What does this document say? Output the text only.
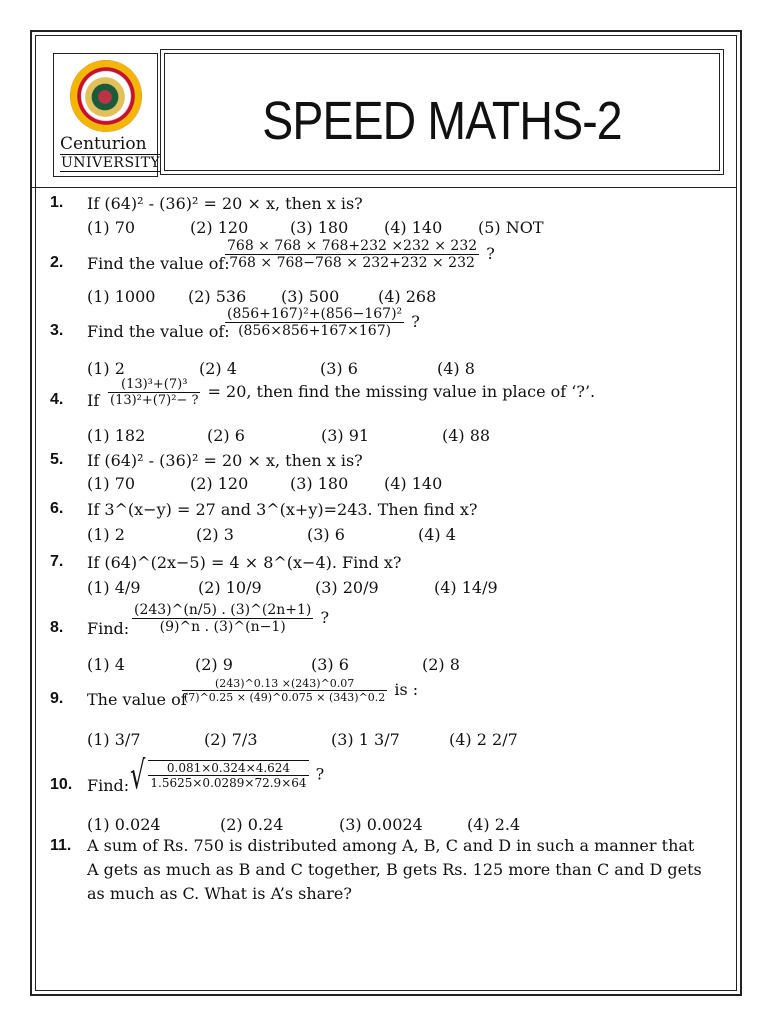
Centurion
UNIVERSITY
SPEED MATHS-2
1. If (64)² - (36)² = 20 × x, then x is?
(1) 70	(2) 120	(3) 180 (4) 140 (5) NOT
2. Find the value of:
$\frac{768 \times 768 \times 768+232 \times 232 \times 232}{768 \times 768-768 \times 232+232 \times 232}$ ?
(1) 1000 (2) 536 (3) 500 (4) 268
3. Find the value of:
$\frac{\text{(856+167)²+(856−167)²}}{(856\times 856+167\times 167)}$ ?
(1) 2	(2) 4	(3) 6	(4) 8
4. If $\frac{\text{(13)³+(7)³}}{\text{(13)²+(7)²− ?}} = 20$, then find the missing value in place of ‘?’.
(1) 182	(2) 6	(3) 91	(4) 88
5. If (64)² - (36)² = 20 × x, then x is?
(1) 70	(2) 120	(3) 180 (4) 140
6. If 3^(x−y) = 27 and 3^(x+y)=243. Then find x?
(1) 2	(2) 3	(3) 6	(4) 4
7. If (64)^(2x−5) = 4 × 8^(x−4). Find x?
(1) 4/9	(2) 10/9	(3) 20/9	(4) 14/9
8. Find: $\frac{(243)\^{}(n/5) . (3)\^{}(2n+1)}{(9)\^{}n . (3)\^{}(n-1)}$ ?
(1) 4	(2) 9	(3) 6	(2) 8
9. The value of
$\frac{(243)\^{}0.13 \times(243)\^{}0.07}{(7)\^{}0.25 \times (49)\^{}0.075 \times (343)\^{}0.2}$ is :
(1) 3/7	(2) 7/3	(3) 1 3/7	(4) 2 2/7
10. Find: √ $\frac{0.081\times 0.324\times 4.624}{1.5625\times 0.0289\times 72.9\times 64}$ ?
(1) 0.024	(2) 0.24	(3) 0.0024	(4) 2.4
11. A sum of Rs. 750 is distributed among A, B, C and D in such a manner that A gets as much as B and C together, B gets Rs. 125 more than C and D gets as much as C. What is A’s share?
